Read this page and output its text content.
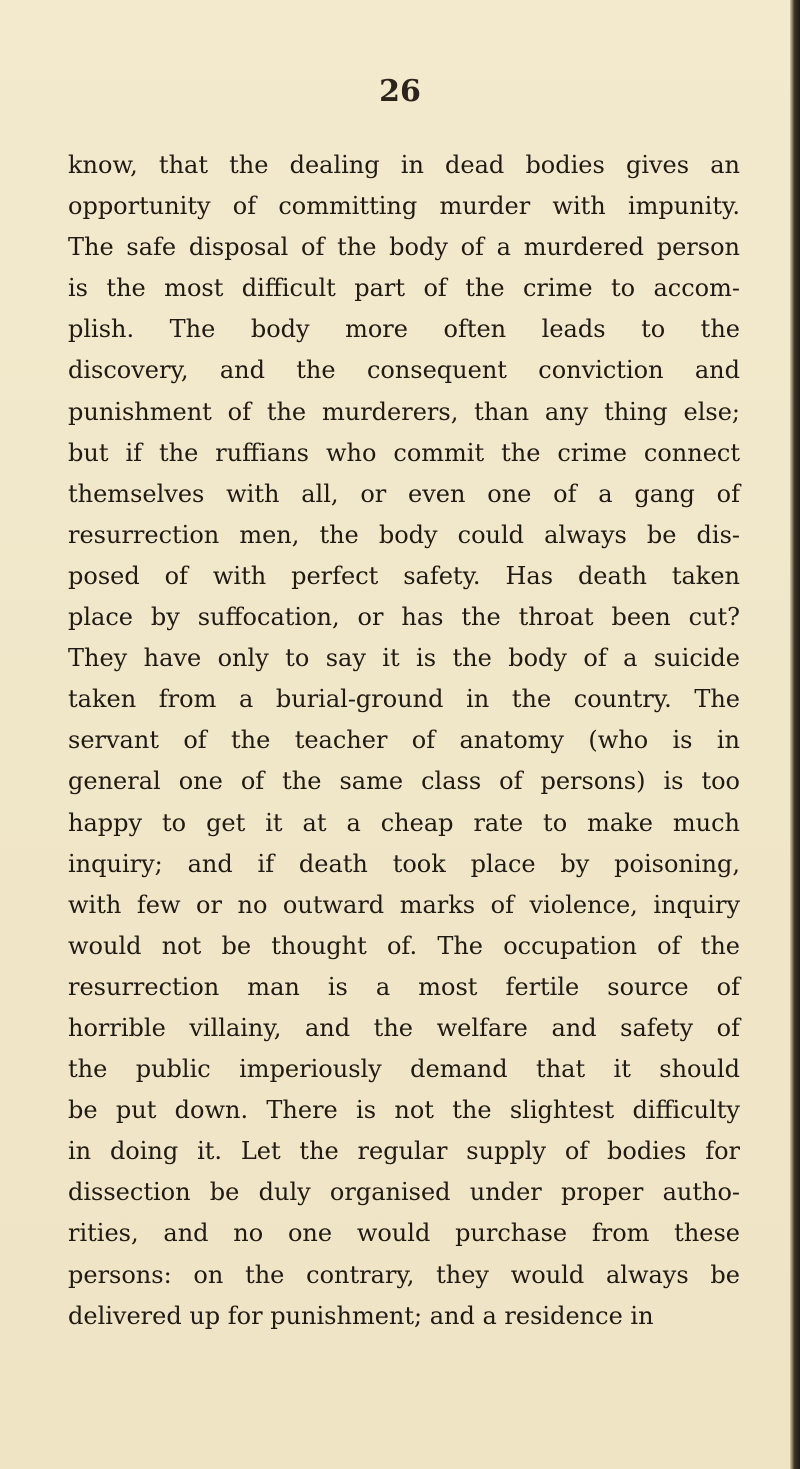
26
know, that the dealing in dead bodies gives an
opportunity of committing murder with impunity.
The safe disposal of the body of a murdered person
is the most difficult part of the crime to accom-
plish. The body more often leads to the
discovery, and the consequent conviction and
punishment of the murderers, than any thing else;
but if the ruffians who commit the crime connect
themselves with all, or even one of a gang of
resurrection men, the body could always be dis-
posed of with perfect safety. Has death taken
place by suffocation, or has the throat been cut?
They have only to say it is the body of a suicide
taken from a burial-ground in the country. The
servant of the teacher of anatomy (who is in
general one of the same class of persons) is too
happy to get it at a cheap rate to make much
inquiry; and if death took place by poisoning,
with few or no outward marks of violence, inquiry
would not be thought of. The occupation of the
resurrection man is a most fertile source of
horrible villainy, and the welfare and safety of
the public imperiously demand that it should
be put down. There is not the slightest difficulty
in doing it. Let the regular supply of bodies for
dissection be duly organised under proper autho-
rities, and no one would purchase from these
persons: on the contrary, they would always be
delivered up for punishment; and a residence in
